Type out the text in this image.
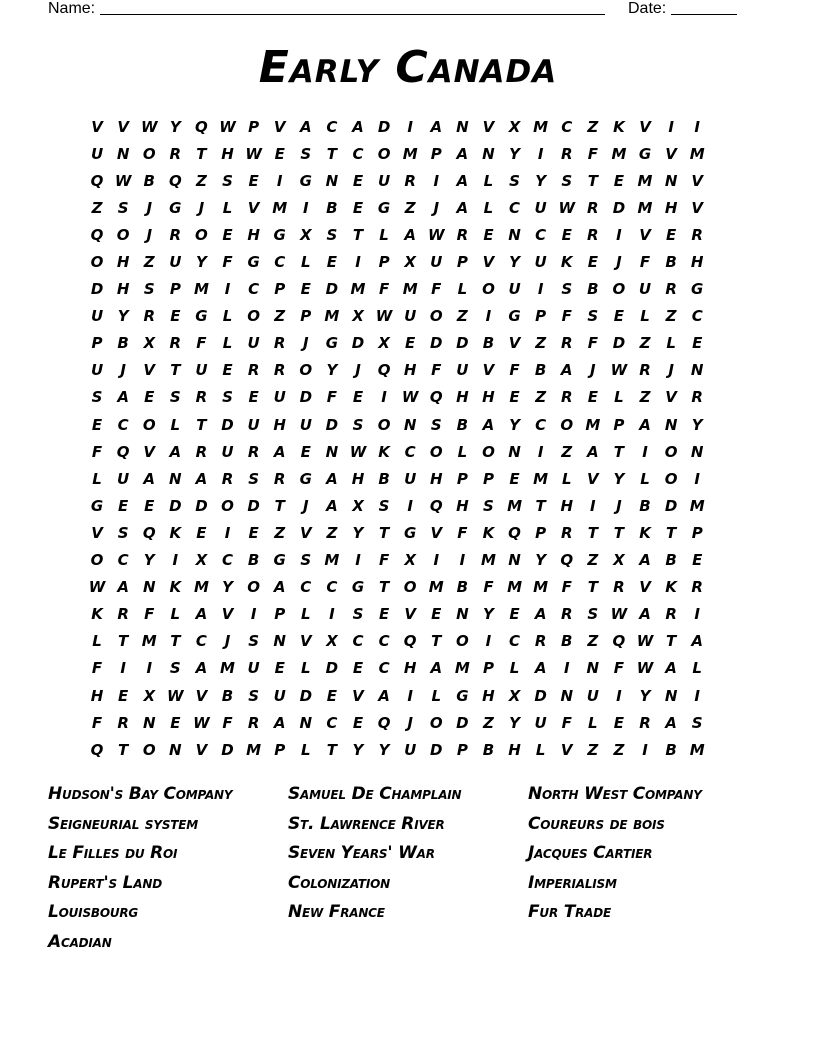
Name:	Date:
Early Canada
V V W Y Q W P V A C A D	I	A N V X M C	Z K V	I	I
U N O R	T H W E	S	T	C O M P A N Y	I	R	F M G V M
Q W B Q Z	S	E	I	G N E U R	I	A	L	S	Y	S	T	E M N V
Z	S	J	G	J	L	V M	I	B	E G Z	J	A	L	C U W R D M H V
Q O	J	R O E H G X S	T	L	A W R	E N C	E	R	I	V	E	R
O H Z U Y	F G C	L	E	I	P X U P V Y U K	E	J	F	B H
D H S	P M	I	C	P	E D M F M F	L O U	I	S B O U R G
U Y R	E G	L O Z	P M X W U O Z	I	G P	F	S	E	L	Z	C
P B X R	F	L	U R	J	G D X	E D D B V Z R	F D Z	L	E
U	J	V	T U E	R R O Y	J	Q H F U V	F	B A	J	W R	J	N
S A	E	S R S	E U D F	E	I	W Q H H E	Z R	E	L	Z V R
E	C O L	T D U H U D S O N S B A Y	C O M P A N Y
F Q V A R U R A	E N W K C O L O N	I	Z A	T	I	O N
L	U A N A R S R G A H B U H P	P	E M L	V Y	L O	I
G E	E D D O D T	J	A X S	I	Q H S M T H	I	J	B D M
V S Q K	E	I	E	Z V Z	Y	T G V	F	K Q P R	T	T	K	T	P
O C	Y	I	X C B G S M	I	F	X	I	I	M N Y Q Z X A B	E
W A N K M Y O A C	C G T O M B	F M M F	T	R V K R
K R	F	L	A V	I	P	L	I	S	E	V	E N Y	E	A R S W A R	I
L	T M T	C	J	S N V X C	C Q T O	I	C R B Z Q W T	A
F	I	I	S A M U E	L	D E	C H A M P	L	A	I	N F W A	L
H E	X W V B S U D E	V A	I	L	G H X D N U	I	Y N	I
F	R N E W F	R A N C	E Q	J	O D Z	Y U F	L	E	R A S
Q T O N V D M P	L	T	Y	Y U D P B H	L	V Z	Z	I	B M
Hudson's Bay Company
Seigneurial system
Le Filles du Roi
Rupert's Land
Louisbourg
Acadian
Samuel De Champlain
St. Lawrence River
Seven Years' War
Colonization
New France
North West Company
Coureurs de bois
Jacques Cartier
Imperialism
Fur Trade
